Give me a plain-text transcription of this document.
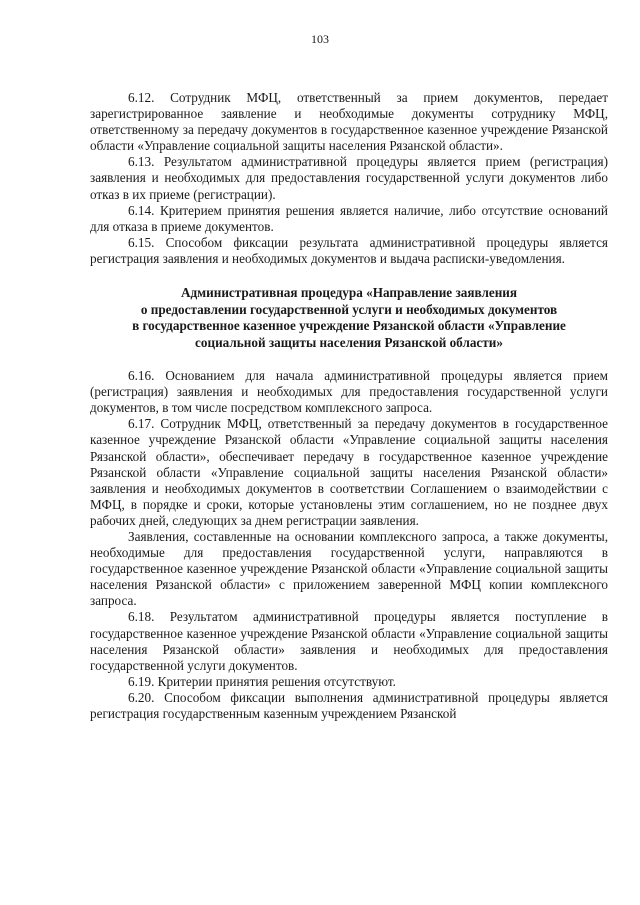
103

6.12. Сотрудник МФЦ, ответственный за прием документов, передает зарегистрированное заявление и необходимые документы сотруднику МФЦ, ответственному за передачу документов в государственное казенное учреждение Рязанской области «Управление социальной защиты населения Рязанской области».

6.13. Результатом административной процедуры является прием (регистрация) заявления и необходимых для предоставления государственной услуги документов либо отказ в их приеме (регистрации).

6.14. Критерием принятия решения является наличие, либо отсутствие оснований для отказа в приеме документов.

6.15. Способом фиксации результата административной процедуры является регистрация заявления и необходимых документов и выдача расписки-уведомления.

Административная процедура «Направление заявления
о предоставлении государственной услуги и необходимых документов
в государственное казенное учреждение Рязанской области «Управление
социальной защиты населения Рязанской области»

6.16. Основанием для начала административной процедуры является прием (регистрация) заявления и необходимых для предоставления государственной услуги документов, в том числе посредством комплексного запроса.

6.17. Сотрудник МФЦ, ответственный за передачу документов в государственное казенное учреждение Рязанской области «Управление социальной защиты населения Рязанской области», обеспечивает передачу в государственное казенное учреждение Рязанской области «Управление социальной защиты населения Рязанской области» заявления и необходимых документов в соответствии Соглашением о взаимодействии с МФЦ, в порядке и сроки, которые установлены этим соглашением, но не позднее двух рабочих дней, следующих за днем регистрации заявления.

Заявления, составленные на основании комплексного запроса, а также документы, необходимые для предоставления государственной услуги, направляются в государственное казенное учреждение Рязанской области «Управление социальной защиты населения Рязанской области» с приложением заверенной МФЦ копии комплексного запроса.

6.18. Результатом административной процедуры является поступление в государственное казенное учреждение Рязанской области «Управление социальной защиты населения Рязанской области» заявления и необходимых для предоставления государственной услуги документов.

6.19. Критерии принятия решения отсутствуют.

6.20. Способом фиксации выполнения административной процедуры является регистрация государственным казенным учреждением Рязанской
